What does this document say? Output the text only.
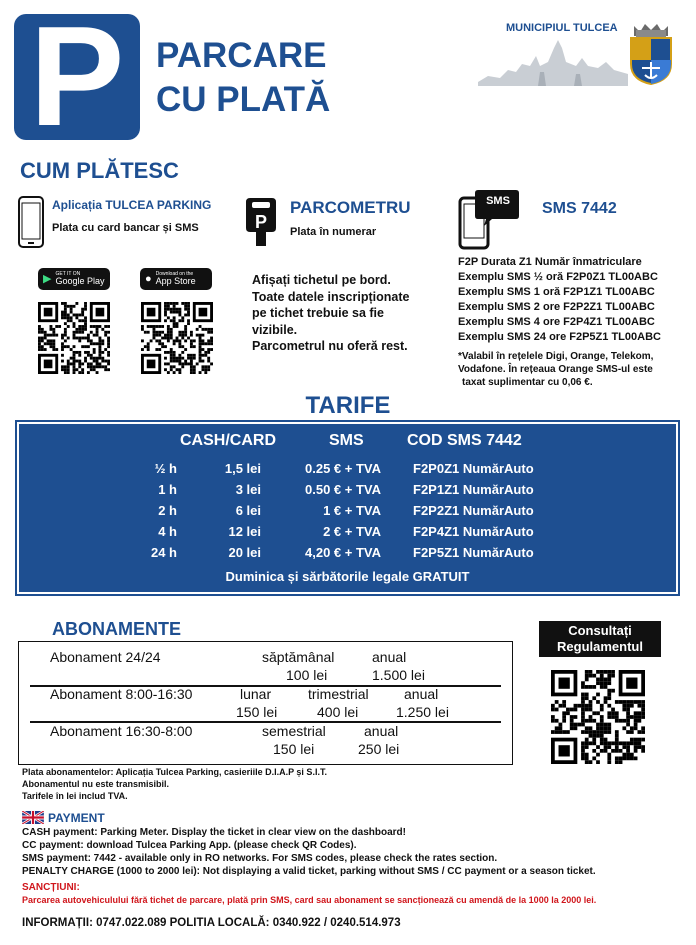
P PARCARE
CU PLATĂ
MUNICIPIUL TULCEA
CUM PLĂTESC
Aplicația TULCEA PARKING
Plata cu card bancar și SMS
▶ GET IT ON
Google Play	● Download on the
App Store
P
PARCOMETRU
Plata în numerar
Afișați tichetul pe bord.
Toate datele inscripționate
pe tichet trebuie sa fie
vizibile.
Parcometrul nu oferă rest.
SMS	SMS 7442
F2P Durata Z1 Număr înmatriculare
Exemplu SMS ½ oră F2P0Z1 TL00ABC
Exemplu SMS 1 oră F2P1Z1 TL00ABC
Exemplu SMS 2 ore F2P2Z1 TL00ABC
Exemplu SMS 4 ore F2P4Z1 TL00ABC
Exemplu SMS 24 ore F2P5Z1 TL00ABC
*Valabil în rețelele Digi, Orange, Telekom,
Vodafone. În rețeaua Orange SMS-ul este
taxat suplimentar cu 0,06 €.
TARIFE
CASH/CARD	SMS	COD SMS 7442
½ h	1,5 lei	0.25 € + TVA F2P0Z1 NumărAuto
1 h	3 lei	0.50 € + TVA F2P1Z1 NumărAuto
2 h	6 lei	1 € + TVA F2P2Z1 NumărAuto
4 h	12 lei	2 € + TVA F2P4Z1 NumărAuto
24 h	20 lei	4,20 € + TVA F2P5Z1 NumărAuto
Duminica și sărbătorile legale GRATUIT
ABONAMENTE
Abonament 24/24	săptămânal	anual
100 lei	1.500 lei
Abonament 8:00-16:30	lunar	trimestrial	anual
150 lei	400 lei	1.250 lei
Abonament 16:30-8:00	semestrial	anual
150 lei	250 lei
Plata abonamentelor: Aplicația Tulcea Parking, casieriile D.I.A.P și S.I.T.
Abonamentul nu este transmisibil.
Tarifele în lei includ TVA.
Consultați
Regulamentul
PAYMENT
CASH payment: Parking Meter. Display the ticket in clear view on the dashboard!
CC payment: download Tulcea Parking App. (please check QR Codes).
SMS payment: 7442 - available only in RO networks. For SMS codes, please check the rates section.
PENALTY CHARGE (1000 to 2000 lei): Not displaying a valid ticket, parking without SMS / CC payment or a season ticket.
SANCȚIUNI:
Parcarea autovehiculului fără tichet de parcare, plată prin SMS, card sau abonament se sancționează cu amendă de la 1000 la 2000 lei.
INFORMAȚII: 0747.022.089 POLITIA LOCALĂ: 0340.922 / 0240.514.973
